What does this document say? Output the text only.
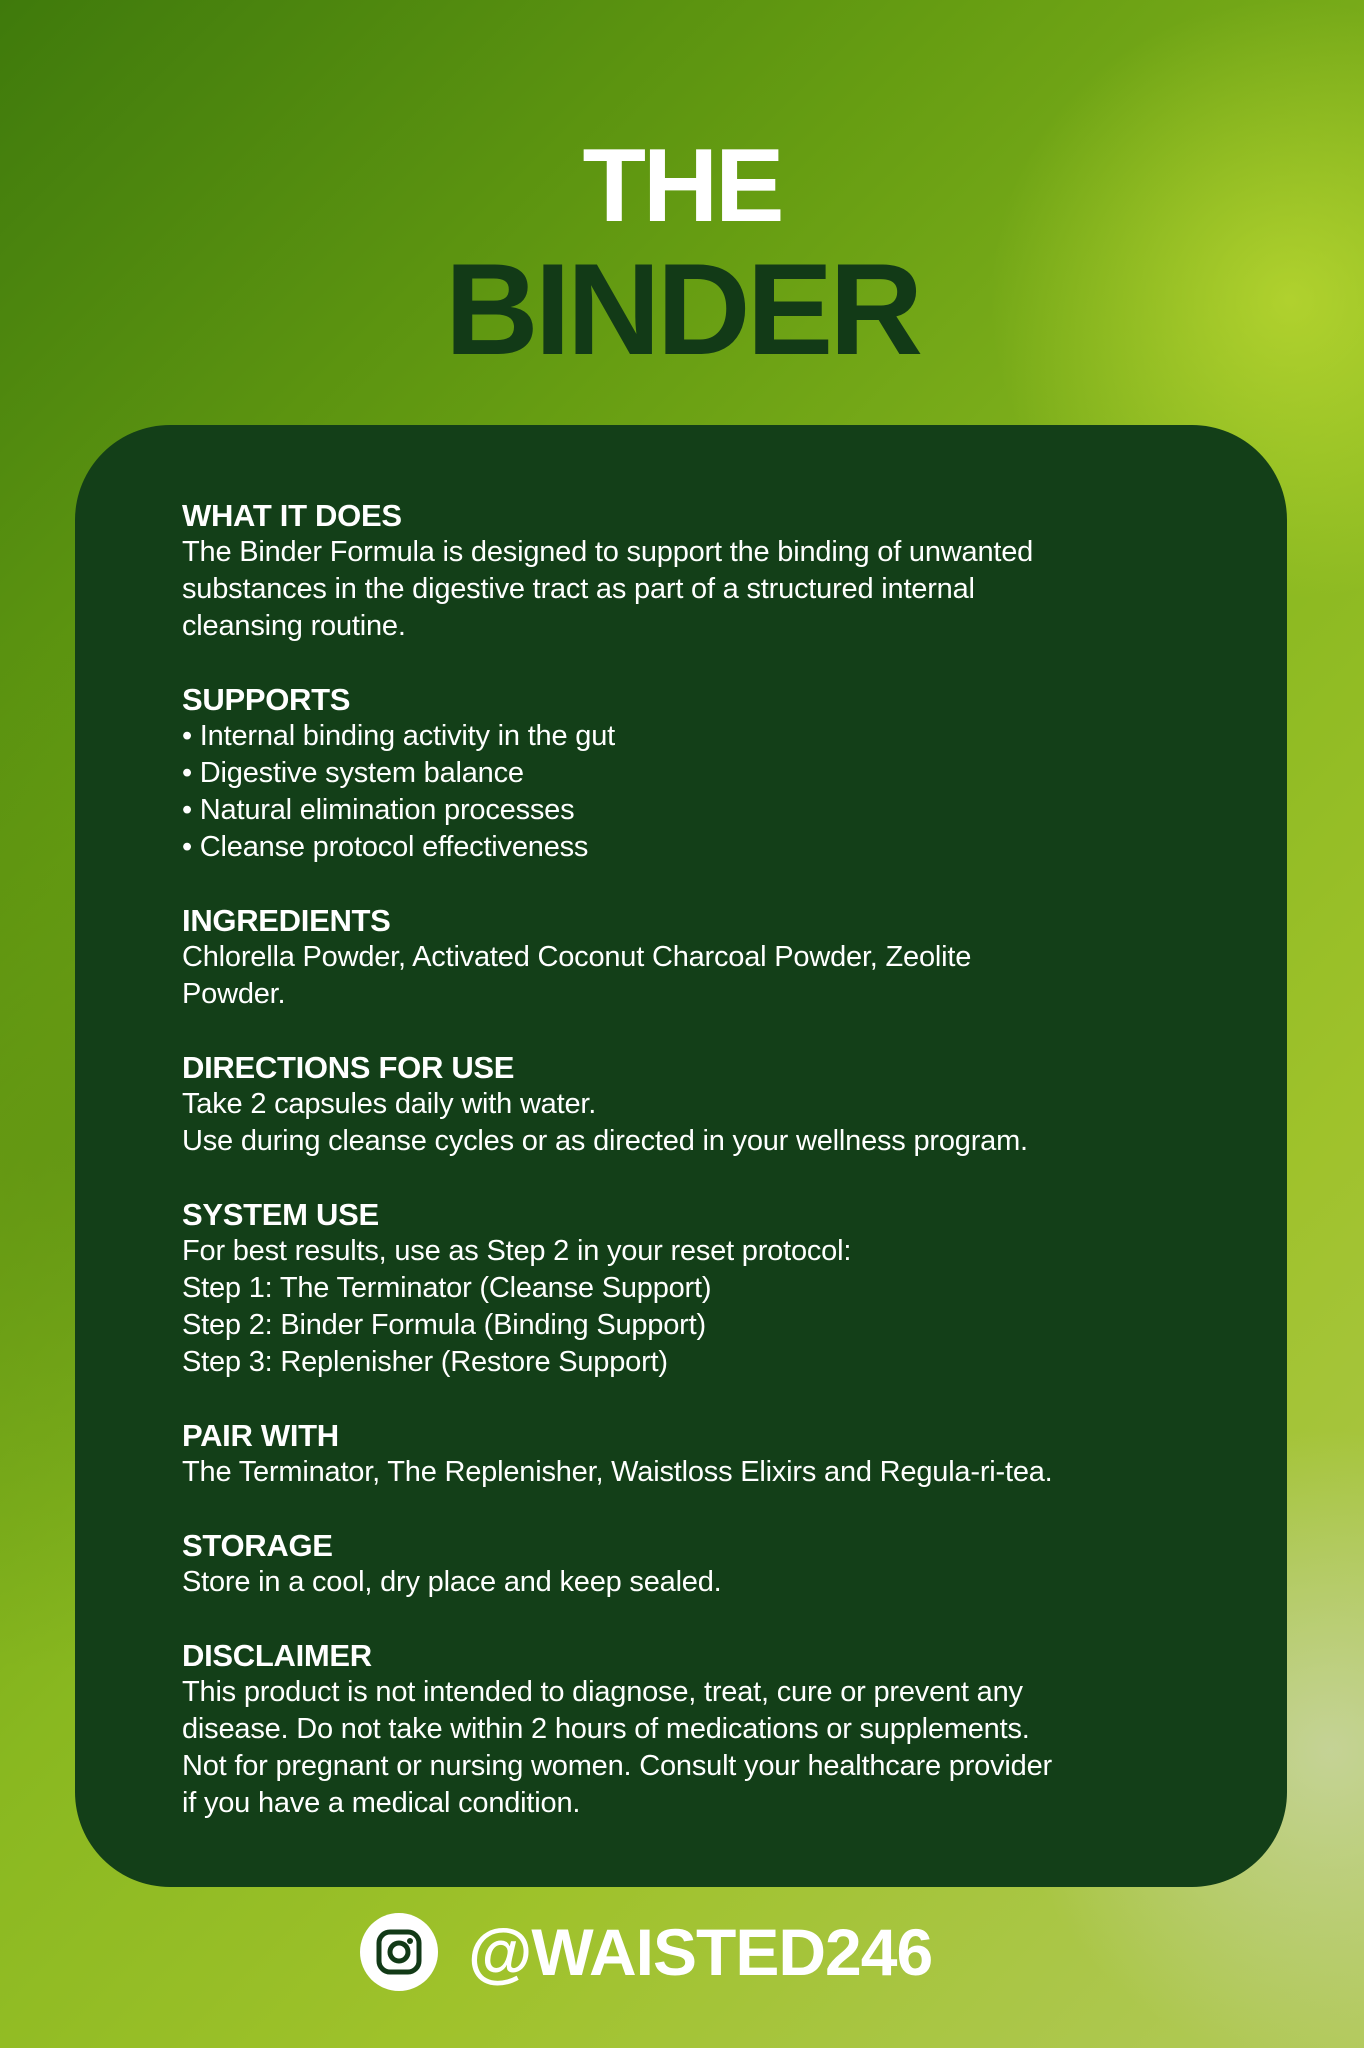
THE
BINDER

WHAT IT DOES

The Binder Formula is designed to support the binding of unwanted

substances in the digestive tract as part of a structured internal

cleansing routine.

SUPPORTS

• Internal binding activity in the gut

• Digestive system balance

• Natural elimination processes

• Cleanse protocol effectiveness

INGREDIENTS

Chlorella Powder, Activated Coconut Charcoal Powder, Zeolite

Powder.

DIRECTIONS FOR USE

Take 2 capsules daily with water.

Use during cleanse cycles or as directed in your wellness program.

SYSTEM USE

For best results, use as Step 2 in your reset protocol:

Step 1: The Terminator (Cleanse Support)

Step 2: Binder Formula (Binding Support)

Step 3: Replenisher (Restore Support)

PAIR WITH

The Terminator, The Replenisher, Waistloss Elixirs and Regula-ri-tea.

STORAGE

Store in a cool, dry place and keep sealed.

DISCLAIMER

This product is not intended to diagnose, treat, cure or prevent any

disease. Do not take within 2 hours of medications or supplements.

Not for pregnant or nursing women. Consult your healthcare provider

if you have a medical condition.

@WAISTED246
